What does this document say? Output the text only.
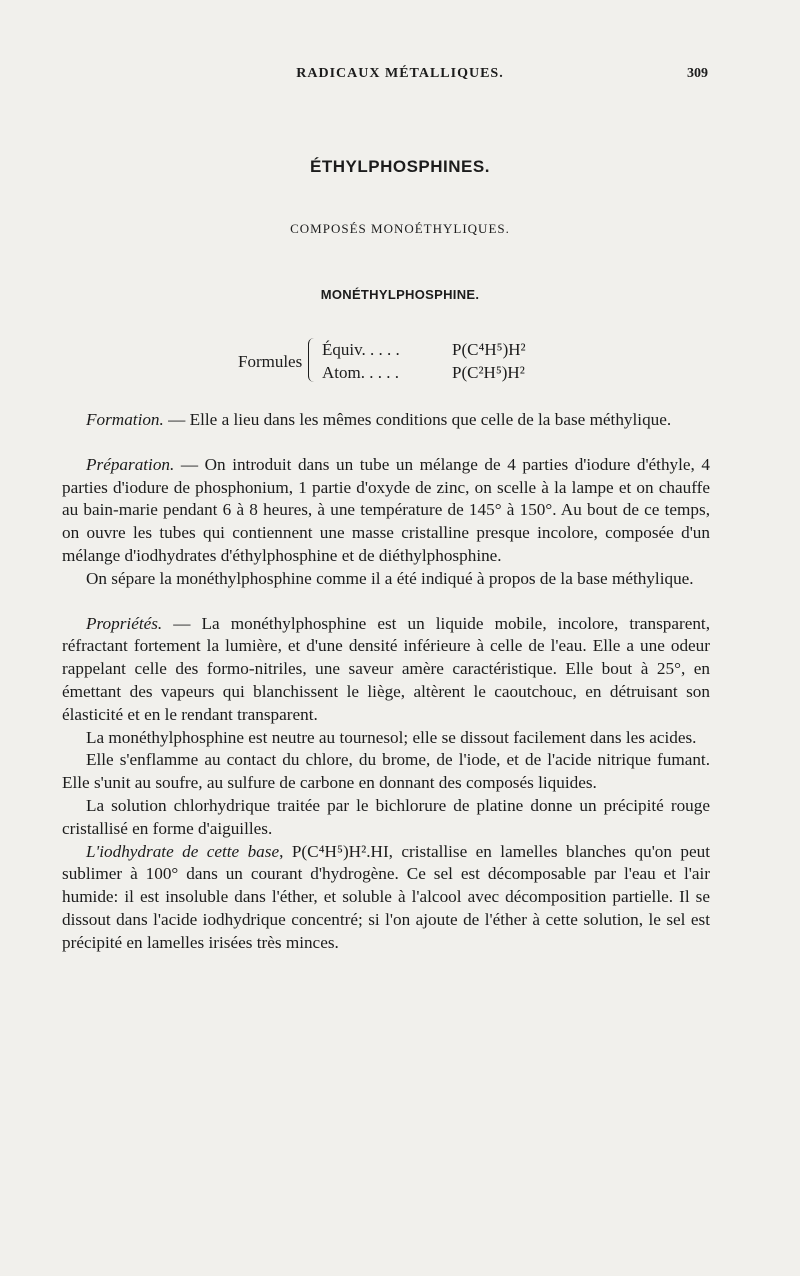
RADICAUX MÉTALLIQUES.	309
ÉTHYLPHOSPHINES.
COMPOSÉS MONOÉTHYLIQUES.
MONÉTHYLPHOSPHINE.
Formules
Équiv. . . . .	P(C⁴H⁵)H²
Atom. . . . .	P(C²H⁵)H²

Formation. — Elle a lieu dans les mêmes conditions que celle de la base méthylique.

Préparation. — On introduit dans un tube un mélange de 4 parties d'iodure d'éthyle, 4 parties d'iodure de phosphonium, 1 partie d'oxyde de zinc, on scelle à la lampe et on chauffe au bain-marie pendant 6 à 8 heures, à une température de 145° à 150°. Au bout de ce temps, on ouvre les tubes qui contiennent une masse cristalline presque incolore, composée d'un mélange d'iodhydrates d'éthylphosphine et de diéthylphosphine.

On sépare la monéthylphosphine comme il a été indiqué à propos de la base méthylique.

Propriétés. — La monéthylphosphine est un liquide mobile, incolore, transparent, réfractant fortement la lumière, et d'une densité inférieure à celle de l'eau. Elle a une odeur rappelant celle des formo-nitriles, une saveur amère caractéristique. Elle bout à 25°, en émettant des vapeurs qui blanchissent le liège, altèrent le caoutchouc, en détruisant son élasticité et en le rendant transparent.

La monéthylphosphine est neutre au tournesol; elle se dissout facilement dans les acides.

Elle s'enflamme au contact du chlore, du brome, de l'iode, et de l'acide nitrique fumant. Elle s'unit au soufre, au sulfure de carbone en donnant des composés liquides.

La solution chlorhydrique traitée par le bichlorure de platine donne un précipité rouge cristallisé en forme d'aiguilles.

L'iodhydrate de cette base, P(C⁴H⁵)H².HI, cristallise en lamelles blanches qu'on peut sublimer à 100° dans un courant d'hydrogène. Ce sel est décomposable par l'eau et l'air humide: il est insoluble dans l'éther, et soluble à l'alcool avec décomposition partielle. Il se dissout dans l'acide iodhydrique concentré; si l'on ajoute de l'éther à cette solution, le sel est précipité en lamelles irisées très minces.
